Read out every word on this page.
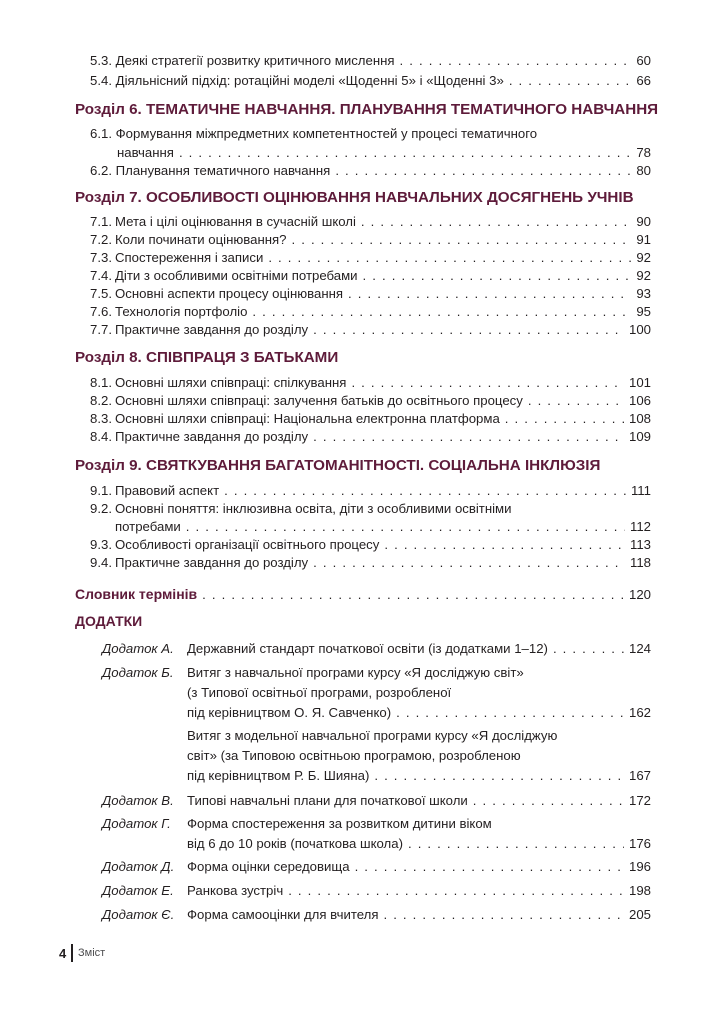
5.3. Деякі стратегії розвитку критичного мислення . . .	60
5.4. Діяльнісний підхід: ротаційні моделі «Щоденні 5» і «Щоденні 3» . . .	66
Розділ 6. ТЕМАТИЧНЕ НАВЧАННЯ. ПЛАНУВАННЯ ТЕМАТИЧНОГО НАВЧАННЯ
6.1. Формування міжпредметних компетентностей у процесі тематичного
навчання . . .	78
6.2. Планування тематичного навчання . . .	80
Розділ 7. ОСОБЛИВОСТІ ОЦІНЮВАННЯ НАВЧАЛЬНИХ ДОСЯГНЕНЬ УЧНІВ
7.1. Мета і цілі оцінювання в сучасній школі . . .	90
7.2. Коли починати оцінювання? . . .	91
7.3. Спостереження і записи . . .	92
7.4. Діти з особливими освітніми потребами . . .	92
7.5. Основні аспекти процесу оцінювання . . .	93
7.6. Технологія портфоліо . . .	95
7.7. Практичне завдання до розділу . . .	100
Розділ 8. СПІВПРАЦЯ З БАТЬКАМИ
8.1. Основні шляхи співпраці: спілкування . . .	101
8.2. Основні шляхи співпраці: залучення батьків до освітнього процесу . . .	106
8.3. Основні шляхи співпраці: Національна електронна платформа . . .	108
8.4. Практичне завдання до розділу . . .	109
Розділ 9. СВЯТКУВАННЯ БАГАТОМАНІТНОСТІ. СОЦІАЛЬНА ІНКЛЮЗІЯ
9.1. Правовий аспект . . .	111
9.2. Основні поняття: інклюзивна освіта, діти з особливими освітніми
потребами . . .	112
9.3. Особливості організації освітнього процесу . . .	113
9.4. Практичне завдання до розділу . . .	118
Словник термінів . . .	120
ДОДАТКИ
Додаток А. Державний стандарт початкової освіти (із додатками 1–12) . . .	124
Додаток Б. Витяг з навчальної програми курсу «Я досліджую світ»
(з Типової освітньої програми, розробленої
під керівництвом О. Я. Савченко) . . .	162
Витяг з модельної навчальної програми курсу «Я досліджую
світ» (за Типовою освітньою програмою, розробленою
під керівництвом Р. Б. Шияна) . . .	167
Додаток В. Типові навчальні плани для початкової школи . . .	172
Додаток Г. Форма спостереження за розвитком дитини віком
від 6 до 10 років (початкова школа) . . .	176
Додаток Д. Форма оцінки середовища . . .	196
Додаток Е. Ранкова зустріч . . .	198
Додаток Є. Форма самооцінки для вчителя . . .	205
4 Зміст
